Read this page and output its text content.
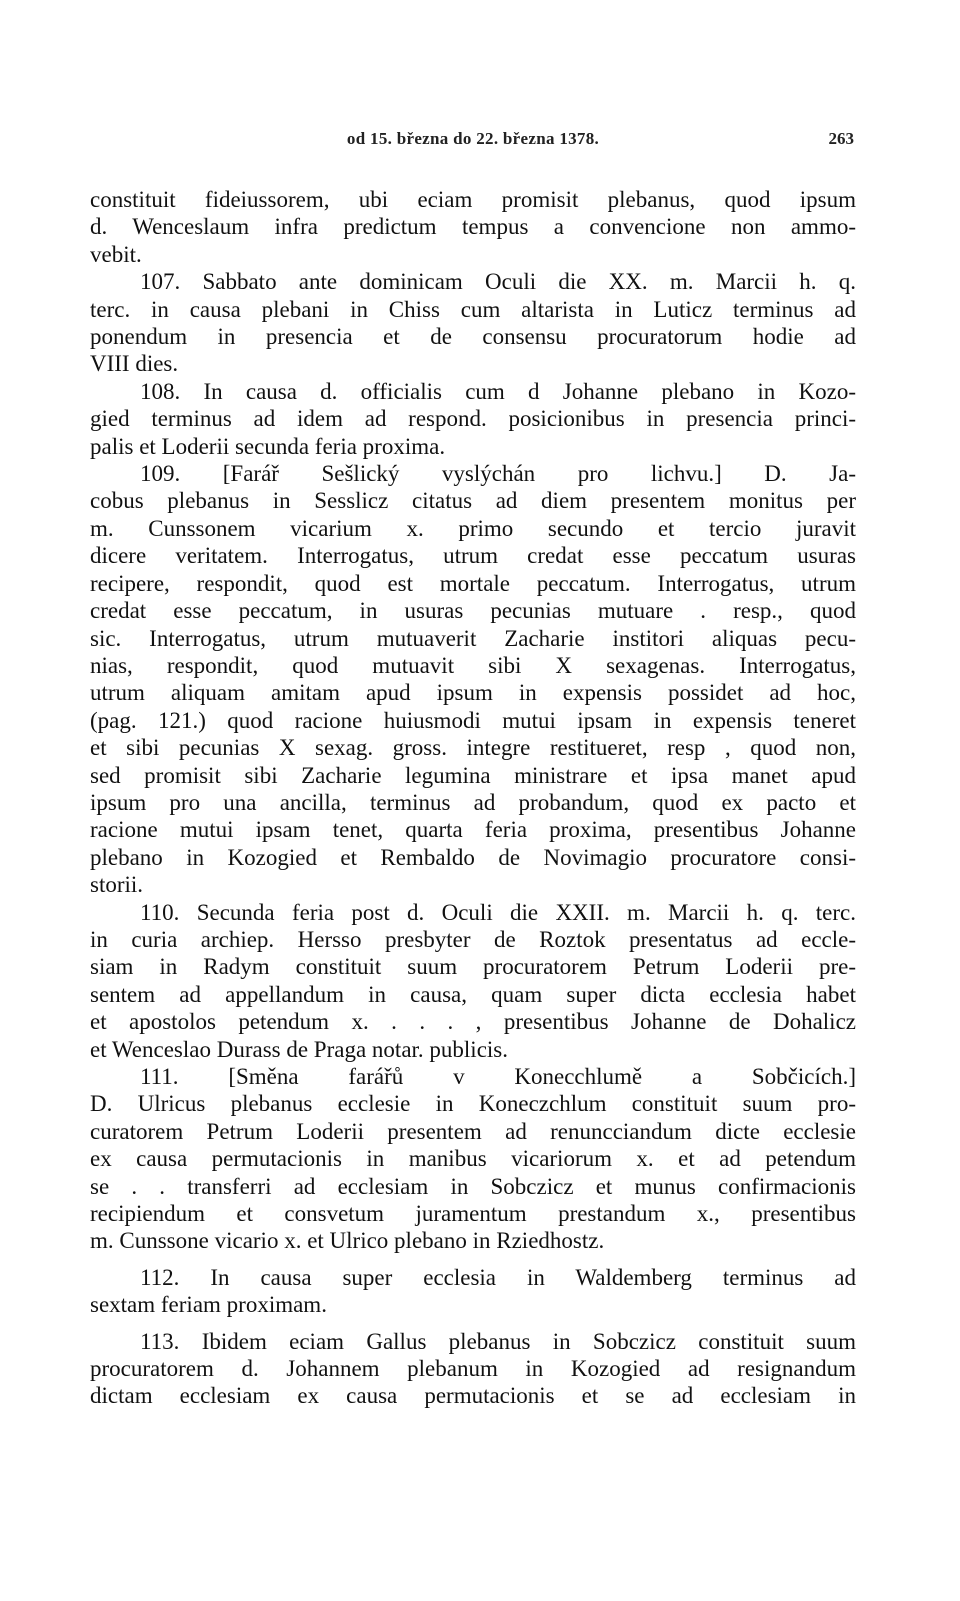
od 15. března do 22. března 1378.	263
constituit fideiussorem, ubi eciam promisit plebanus, quod ipsum
d. Wenceslaum infra predictum tempus a convencione non ammo-
vebit.
107. Sabbato ante dominicam Oculi die XX. m. Marcii h. q.
terc. in causa plebani in Chiss cum altarista in Luticz terminus ad
ponendum in presencia et de consensu procuratorum hodie ad
VIII dies.
108. In causa d. officialis cum d Johanne plebano in Kozo-
gied terminus ad idem ad respond. posicionibus in presencia princi-
palis et Loderii secunda feria proxima.
109. [Farář Sešlický vyslýchán pro lichvu.] D. Ja-
cobus plebanus in Sesslicz citatus ad diem presentem monitus per
m. Cunssonem vicarium x. primo secundo et tercio juravit
dicere veritatem. Interrogatus, utrum credat esse peccatum usuras
recipere, respondit, quod est mortale peccatum. Interrogatus, utrum
credat esse peccatum, in usuras pecunias mutuare . resp., quod
sic. Interrogatus, utrum mutuaverit Zacharie institori aliquas pecu-
nias, respondit, quod mutuavit sibi X sexagenas. Interrogatus,
utrum aliquam amitam apud ipsum in expensis possidet ad hoc,
(pag. 121.) quod racione huiusmodi mutui ipsam in expensis teneret
et sibi pecunias X sexag. gross. integre restitueret, resp , quod non,
sed promisit sibi Zacharie legumina ministrare et ipsa manet apud
ipsum pro una ancilla, terminus ad probandum, quod ex pacto et
racione mutui ipsam tenet, quarta feria proxima, presentibus Johanne
plebano in Kozogied et Rembaldo de Novimagio procuratore consi-
storii.
110. Secunda feria post d. Oculi die XXII. m. Marcii h. q. terc.
in curia archiep. Hersso presbyter de Roztok presentatus ad eccle-
siam in Radym constituit suum procuratorem Petrum Loderii pre-
sentem ad appellandum in causa, quam super dicta ecclesia habet
et apostolos petendum x. . . . , presentibus Johanne de Dohalicz
et Wenceslao Durass de Praga notar. publicis.
111. [Směna farářů v Konecchlumě a Sobčicích.]
D. Ulricus plebanus ecclesie in Koneczchlum constituit suum pro-
curatorem Petrum Loderii presentem ad renuncciandum dicte ecclesie
ex causa permutacionis in manibus vicariorum x. et ad petendum
se . . transferri ad ecclesiam in Sobczicz et munus confirmacionis
recipiendum et consvetum juramentum prestandum x., presentibus
m. Cunssone vicario x. et Ulrico plebano in Rziedhostz.
112. In causa super ecclesia in Waldemberg terminus ad
sextam feriam proximam.
113. Ibidem eciam Gallus plebanus in Sobczicz constituit suum
procuratorem d. Johannem plebanum in Kozogied ad resignandum
dictam ecclesiam ex causa permutacionis et se ad ecclesiam in
